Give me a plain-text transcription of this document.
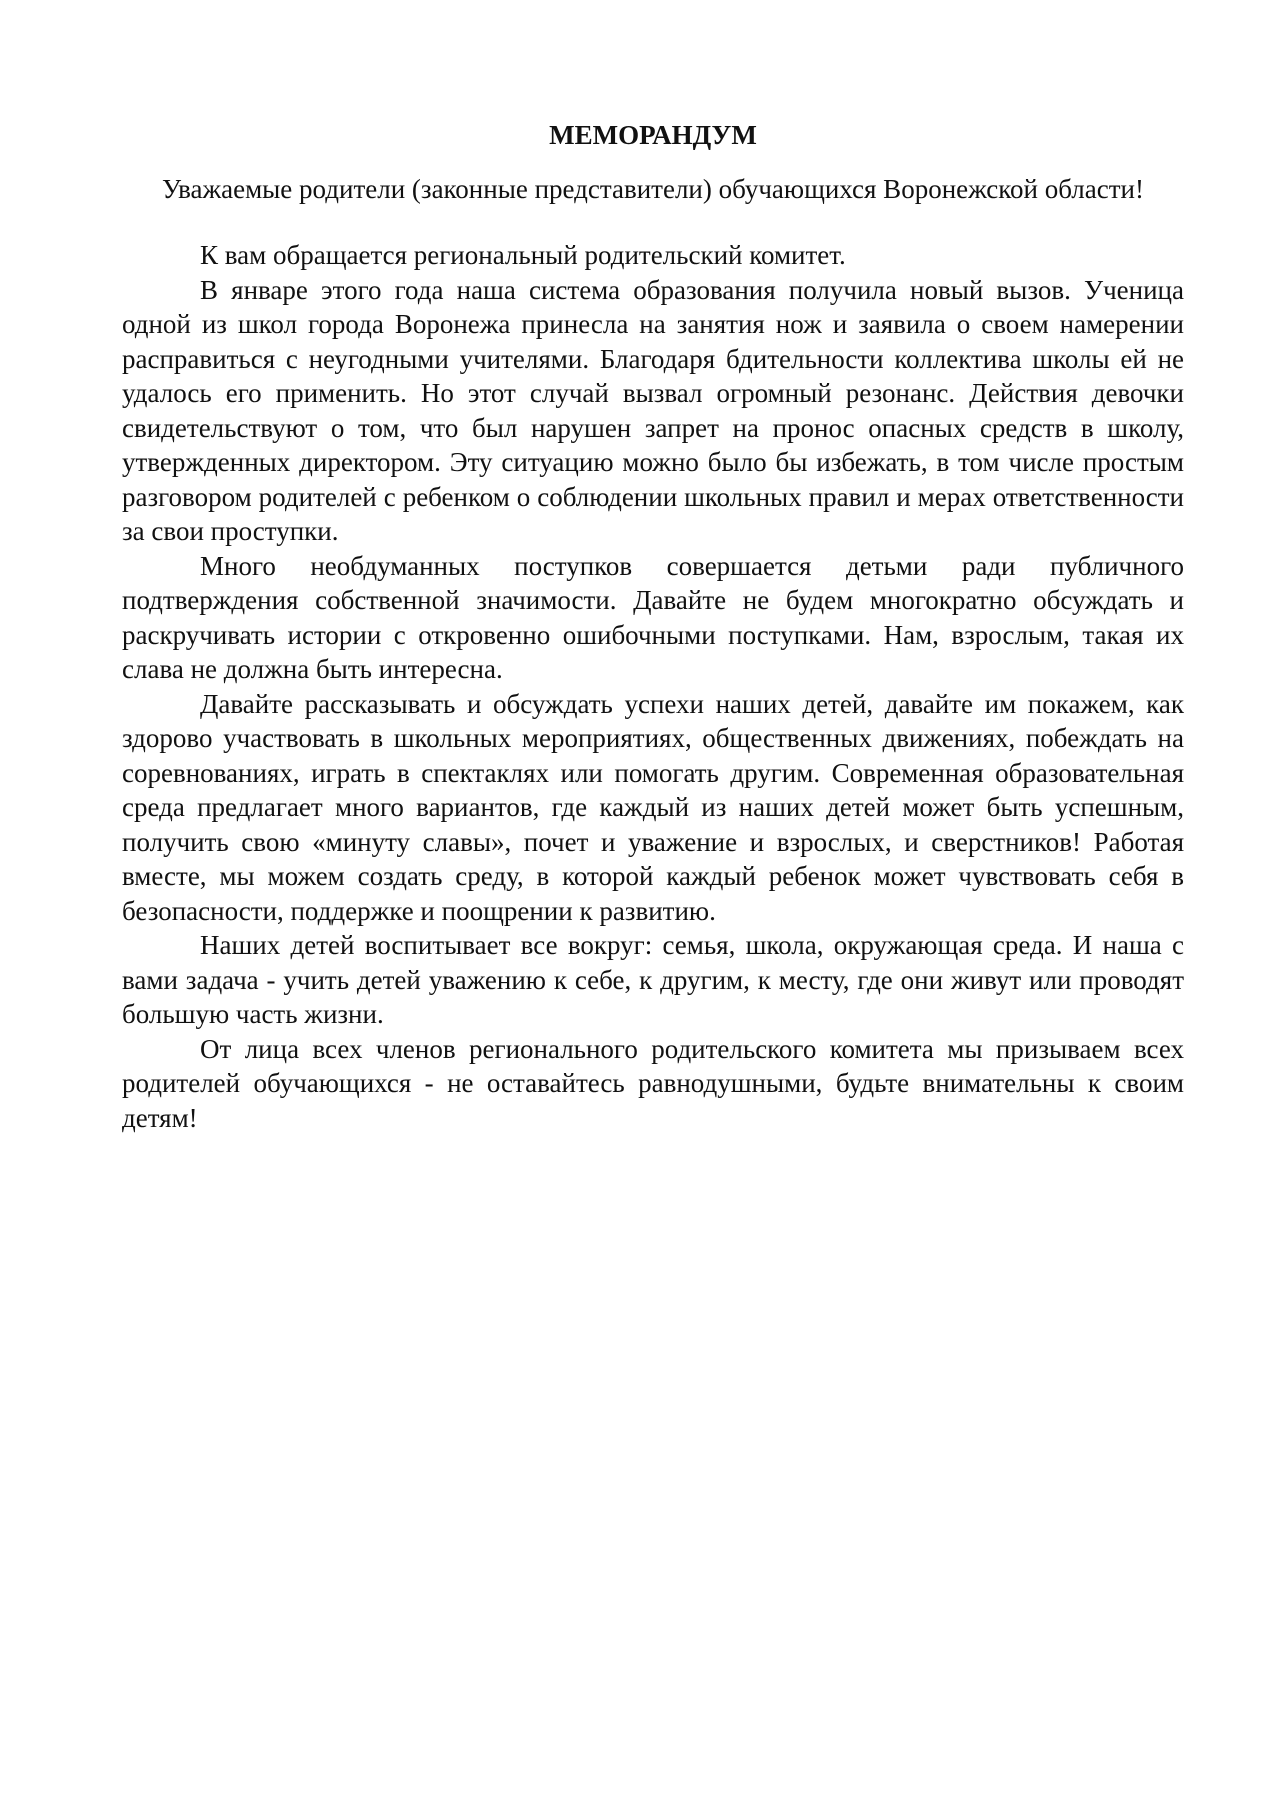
МЕМОРАНДУМ

Уважаемые родители (законные представители) обучающихся Воронежской области!

К вам обращается региональный родительский комитет.

В январе этого года наша система образования получила новый вызов. Ученица одной из школ города Воронежа принесла на занятия нож и заявила о своем намерении расправиться с неугодными учителями. Благодаря бдительности коллектива школы ей не удалось его применить. Но этот случай вызвал огромный резонанс. Действия девочки свидетельствуют о том, что был нарушен запрет на пронос опасных средств в школу, утвержденных директором. Эту ситуацию можно было бы избежать, в том числе простым разговором родителей с ребенком о соблюдении школьных правил и мерах ответственности за свои проступки.

Много необдуманных поступков совершается детьми ради публичного подтверждения собственной значимости. Давайте не будем многократно обсуждать и раскручивать истории с откровенно ошибочными поступками. Нам, взрослым, такая их слава не должна быть интересна.

Давайте рассказывать и обсуждать успехи наших детей, давайте им покажем, как здорово участвовать в школьных мероприятиях, общественных движениях, побеждать на соревнованиях, играть в спектаклях или помогать другим. Современная образовательная среда предлагает много вариантов, где каждый из наших детей может быть успешным, получить свою «минуту славы», почет и уважение и взрослых, и сверстников! Работая вместе, мы можем создать среду, в которой каждый ребенок может чувствовать себя в безопасности, поддержке и поощрении к развитию.

Наших детей воспитывает все вокруг: семья, школа, окружающая среда. И наша с вами задача - учить детей уважению к себе, к другим, к месту, где они живут или проводят большую часть жизни.

От лица всех членов регионального родительского комитета мы призываем всех родителей обучающихся - не оставайтесь равнодушными, будьте внимательны к своим детям!
